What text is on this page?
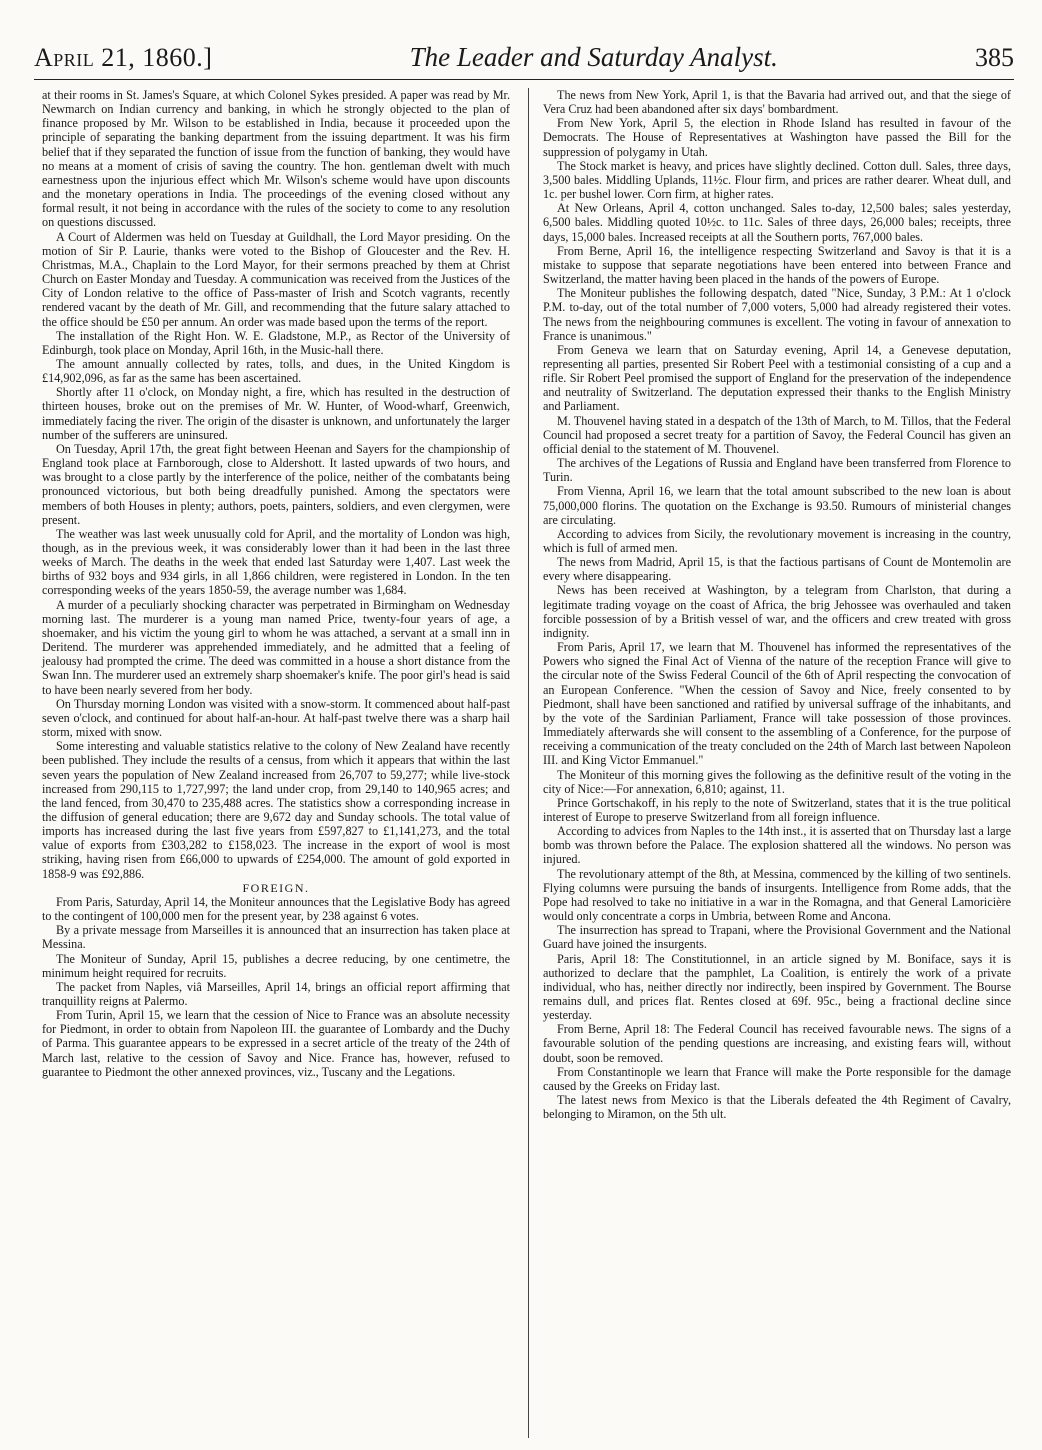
April 21, 1860.]	The Leader and Saturday Analyst.	385

at their rooms in St. James's Square, at which Colonel Sykes presided. A paper was read by Mr. Newmarch on Indian currency and banking, in which he strongly objected to the plan of finance proposed by Mr. Wilson to be established in India, because it proceeded upon the principle of separating the banking department from the issuing department. It was his firm belief that if they separated the function of issue from the function of banking, they would have no means at a moment of crisis of saving the country. The hon. gentleman dwelt with much earnestness upon the injurious effect which Mr. Wilson's scheme would have upon discounts and the monetary operations in India. The proceedings of the evening closed without any formal result, it not being in accordance with the rules of the society to come to any resolution on questions discussed.

A Court of Aldermen was held on Tuesday at Guildhall, the Lord Mayor presiding. On the motion of Sir P. Laurie, thanks were voted to the Bishop of Gloucester and the Rev. H. Christmas, M.A., Chaplain to the Lord Mayor, for their sermons preached by them at Christ Church on Easter Monday and Tuesday. A communication was received from the Justices of the City of London relative to the office of Pass-master of Irish and Scotch vagrants, recently rendered vacant by the death of Mr. Gill, and recommending that the future salary attached to the office should be £50 per annum. An order was made based upon the terms of the report.

The installation of the Right Hon. W. E. Gladstone, M.P., as Rector of the University of Edinburgh, took place on Monday, April 16th, in the Music-hall there.

The amount annually collected by rates, tolls, and dues, in the United Kingdom is £14,902,096, as far as the same has been ascertained.

Shortly after 11 o'clock, on Monday night, a fire, which has resulted in the destruction of thirteen houses, broke out on the premises of Mr. W. Hunter, of Wood-wharf, Greenwich, immediately facing the river. The origin of the disaster is unknown, and unfortunately the larger number of the sufferers are uninsured.

On Tuesday, April 17th, the great fight between Heenan and Sayers for the championship of England took place at Farnborough, close to Aldershott. It lasted upwards of two hours, and was brought to a close partly by the interference of the police, neither of the combatants being pronounced victorious, but both being dreadfully punished. Among the spectators were members of both Houses in plenty; authors, poets, painters, soldiers, and even clergymen, were present.

The weather was last week unusually cold for April, and the mortality of London was high, though, as in the previous week, it was considerably lower than it had been in the last three weeks of March. The deaths in the week that ended last Saturday were 1,407. Last week the births of 932 boys and 934 girls, in all 1,866 children, were registered in London. In the ten corresponding weeks of the years 1850-59, the average number was 1,684.

A murder of a peculiarly shocking character was perpetrated in Birmingham on Wednesday morning last. The murderer is a young man named Price, twenty-four years of age, a shoemaker, and his victim the young girl to whom he was attached, a servant at a small inn in Deritend. The murderer was apprehended immediately, and he admitted that a feeling of jealousy had prompted the crime. The deed was committed in a house a short distance from the Swan Inn. The murderer used an extremely sharp shoemaker's knife. The poor girl's head is said to have been nearly severed from her body.

On Thursday morning London was visited with a snow-storm. It commenced about half-past seven o'clock, and continued for about half-an-hour. At half-past twelve there was a sharp hail storm, mixed with snow.

Some interesting and valuable statistics relative to the colony of New Zealand have recently been published. They include the results of a census, from which it appears that within the last seven years the population of New Zealand increased from 26,707 to 59,277; while live-stock increased from 290,115 to 1,727,997; the land under crop, from 29,140 to 140,965 acres; and the land fenced, from 30,470 to 235,488 acres. The statistics show a corresponding increase in the diffusion of general education; there are 9,672 day and Sunday schools. The total value of imports has increased during the last five years from £597,827 to £1,141,273, and the total value of exports from £303,282 to £158,023. The increase in the export of wool is most striking, having risen from £66,000 to upwards of £254,000. The amount of gold exported in 1858-9 was £92,886.

FOREIGN.

From Paris, Saturday, April 14, the Moniteur announces that the Legislative Body has agreed to the contingent of 100,000 men for the present year, by 238 against 6 votes.

By a private message from Marseilles it is announced that an insurrection has taken place at Messina.

The Moniteur of Sunday, April 15, publishes a decree reducing, by one centimetre, the minimum height required for recruits.

The packet from Naples, viâ Marseilles, April 14, brings an official report affirming that tranquillity reigns at Palermo.

From Turin, April 15, we learn that the cession of Nice to France was an absolute necessity for Piedmont, in order to obtain from Napoleon III. the guarantee of Lombardy and the Duchy of Parma. This guarantee appears to be expressed in a secret article of the treaty of the 24th of March last, relative to the cession of Savoy and Nice. France has, however, refused to guarantee to Piedmont the other annexed provinces, viz., Tuscany and the Legations.

The news from New York, April 1, is that the Bavaria had arrived out, and that the siege of Vera Cruz had been abandoned after six days' bombardment.

From New York, April 5, the election in Rhode Island has resulted in favour of the Democrats. The House of Representatives at Washington have passed the Bill for the suppression of polygamy in Utah.

The Stock market is heavy, and prices have slightly declined. Cotton dull. Sales, three days, 3,500 bales. Middling Uplands, 11½c. Flour firm, and prices are rather dearer. Wheat dull, and 1c. per bushel lower. Corn firm, at higher rates.

At New Orleans, April 4, cotton unchanged. Sales to-day, 12,500 bales; sales yesterday, 6,500 bales. Middling quoted 10½c. to 11c. Sales of three days, 26,000 bales; receipts, three days, 15,000 bales. Increased receipts at all the Southern ports, 767,000 bales.

From Berne, April 16, the intelligence respecting Switzerland and Savoy is that it is a mistake to suppose that separate negotiations have been entered into between France and Switzerland, the matter having been placed in the hands of the powers of Europe.

The Moniteur publishes the following despatch, dated "Nice, Sunday, 3 P.M.: At 1 o'clock P.M. to-day, out of the total number of 7,000 voters, 5,000 had already registered their votes. The news from the neighbouring communes is excellent. The voting in favour of annexation to France is unanimous."

From Geneva we learn that on Saturday evening, April 14, a Genevese deputation, representing all parties, presented Sir Robert Peel with a testimonial consisting of a cup and a rifle. Sir Robert Peel promised the support of England for the preservation of the independence and neutrality of Switzerland. The deputation expressed their thanks to the English Ministry and Parliament.

M. Thouvenel having stated in a despatch of the 13th of March, to M. Tillos, that the Federal Council had proposed a secret treaty for a partition of Savoy, the Federal Council has given an official denial to the statement of M. Thouvenel.

The archives of the Legations of Russia and England have been transferred from Florence to Turin.

From Vienna, April 16, we learn that the total amount subscribed to the new loan is about 75,000,000 florins. The quotation on the Exchange is 93.50. Rumours of ministerial changes are circulating.

According to advices from Sicily, the revolutionary movement is increasing in the country, which is full of armed men.

The news from Madrid, April 15, is that the factious partisans of Count de Montemolin are every where disappearing.

News has been received at Washington, by a telegram from Charlston, that during a legitimate trading voyage on the coast of Africa, the brig Jehossee was overhauled and taken forcible possession of by a British vessel of war, and the officers and crew treated with gross indignity.

From Paris, April 17, we learn that M. Thouvenel has informed the representatives of the Powers who signed the Final Act of Vienna of the nature of the reception France will give to the circular note of the Swiss Federal Council of the 6th of April respecting the convocation of an European Conference. "When the cession of Savoy and Nice, freely consented to by Piedmont, shall have been sanctioned and ratified by universal suffrage of the inhabitants, and by the vote of the Sardinian Parliament, France will take possession of those provinces. Immediately afterwards she will consent to the assembling of a Conference, for the purpose of receiving a communication of the treaty concluded on the 24th of March last between Napoleon III. and King Victor Emmanuel."

The Moniteur of this morning gives the following as the definitive result of the voting in the city of Nice:—For annexation, 6,810; against, 11.

Prince Gortschakoff, in his reply to the note of Switzerland, states that it is the true political interest of Europe to preserve Switzerland from all foreign influence.

According to advices from Naples to the 14th inst., it is asserted that on Thursday last a large bomb was thrown before the Palace. The explosion shattered all the windows. No person was injured.

The revolutionary attempt of the 8th, at Messina, commenced by the killing of two sentinels. Flying columns were pursuing the bands of insurgents. Intelligence from Rome adds, that the Pope had resolved to take no initiative in a war in the Romagna, and that General Lamoricière would only concentrate a corps in Umbria, between Rome and Ancona.

The insurrection has spread to Trapani, where the Provisional Government and the National Guard have joined the insurgents.

Paris, April 18: The Constitutionnel, in an article signed by M. Boniface, says it is authorized to declare that the pamphlet, La Coalition, is entirely the work of a private individual, who has, neither directly nor indirectly, been inspired by Government. The Bourse remains dull, and prices flat. Rentes closed at 69f. 95c., being a fractional decline since yesterday.

From Berne, April 18: The Federal Council has received favourable news. The signs of a favourable solution of the pending questions are increasing, and existing fears will, without doubt, soon be removed.

From Constantinople we learn that France will make the Porte responsible for the damage caused by the Greeks on Friday last.

The latest news from Mexico is that the Liberals defeated the 4th Regiment of Cavalry, belonging to Miramon, on the 5th ult.
